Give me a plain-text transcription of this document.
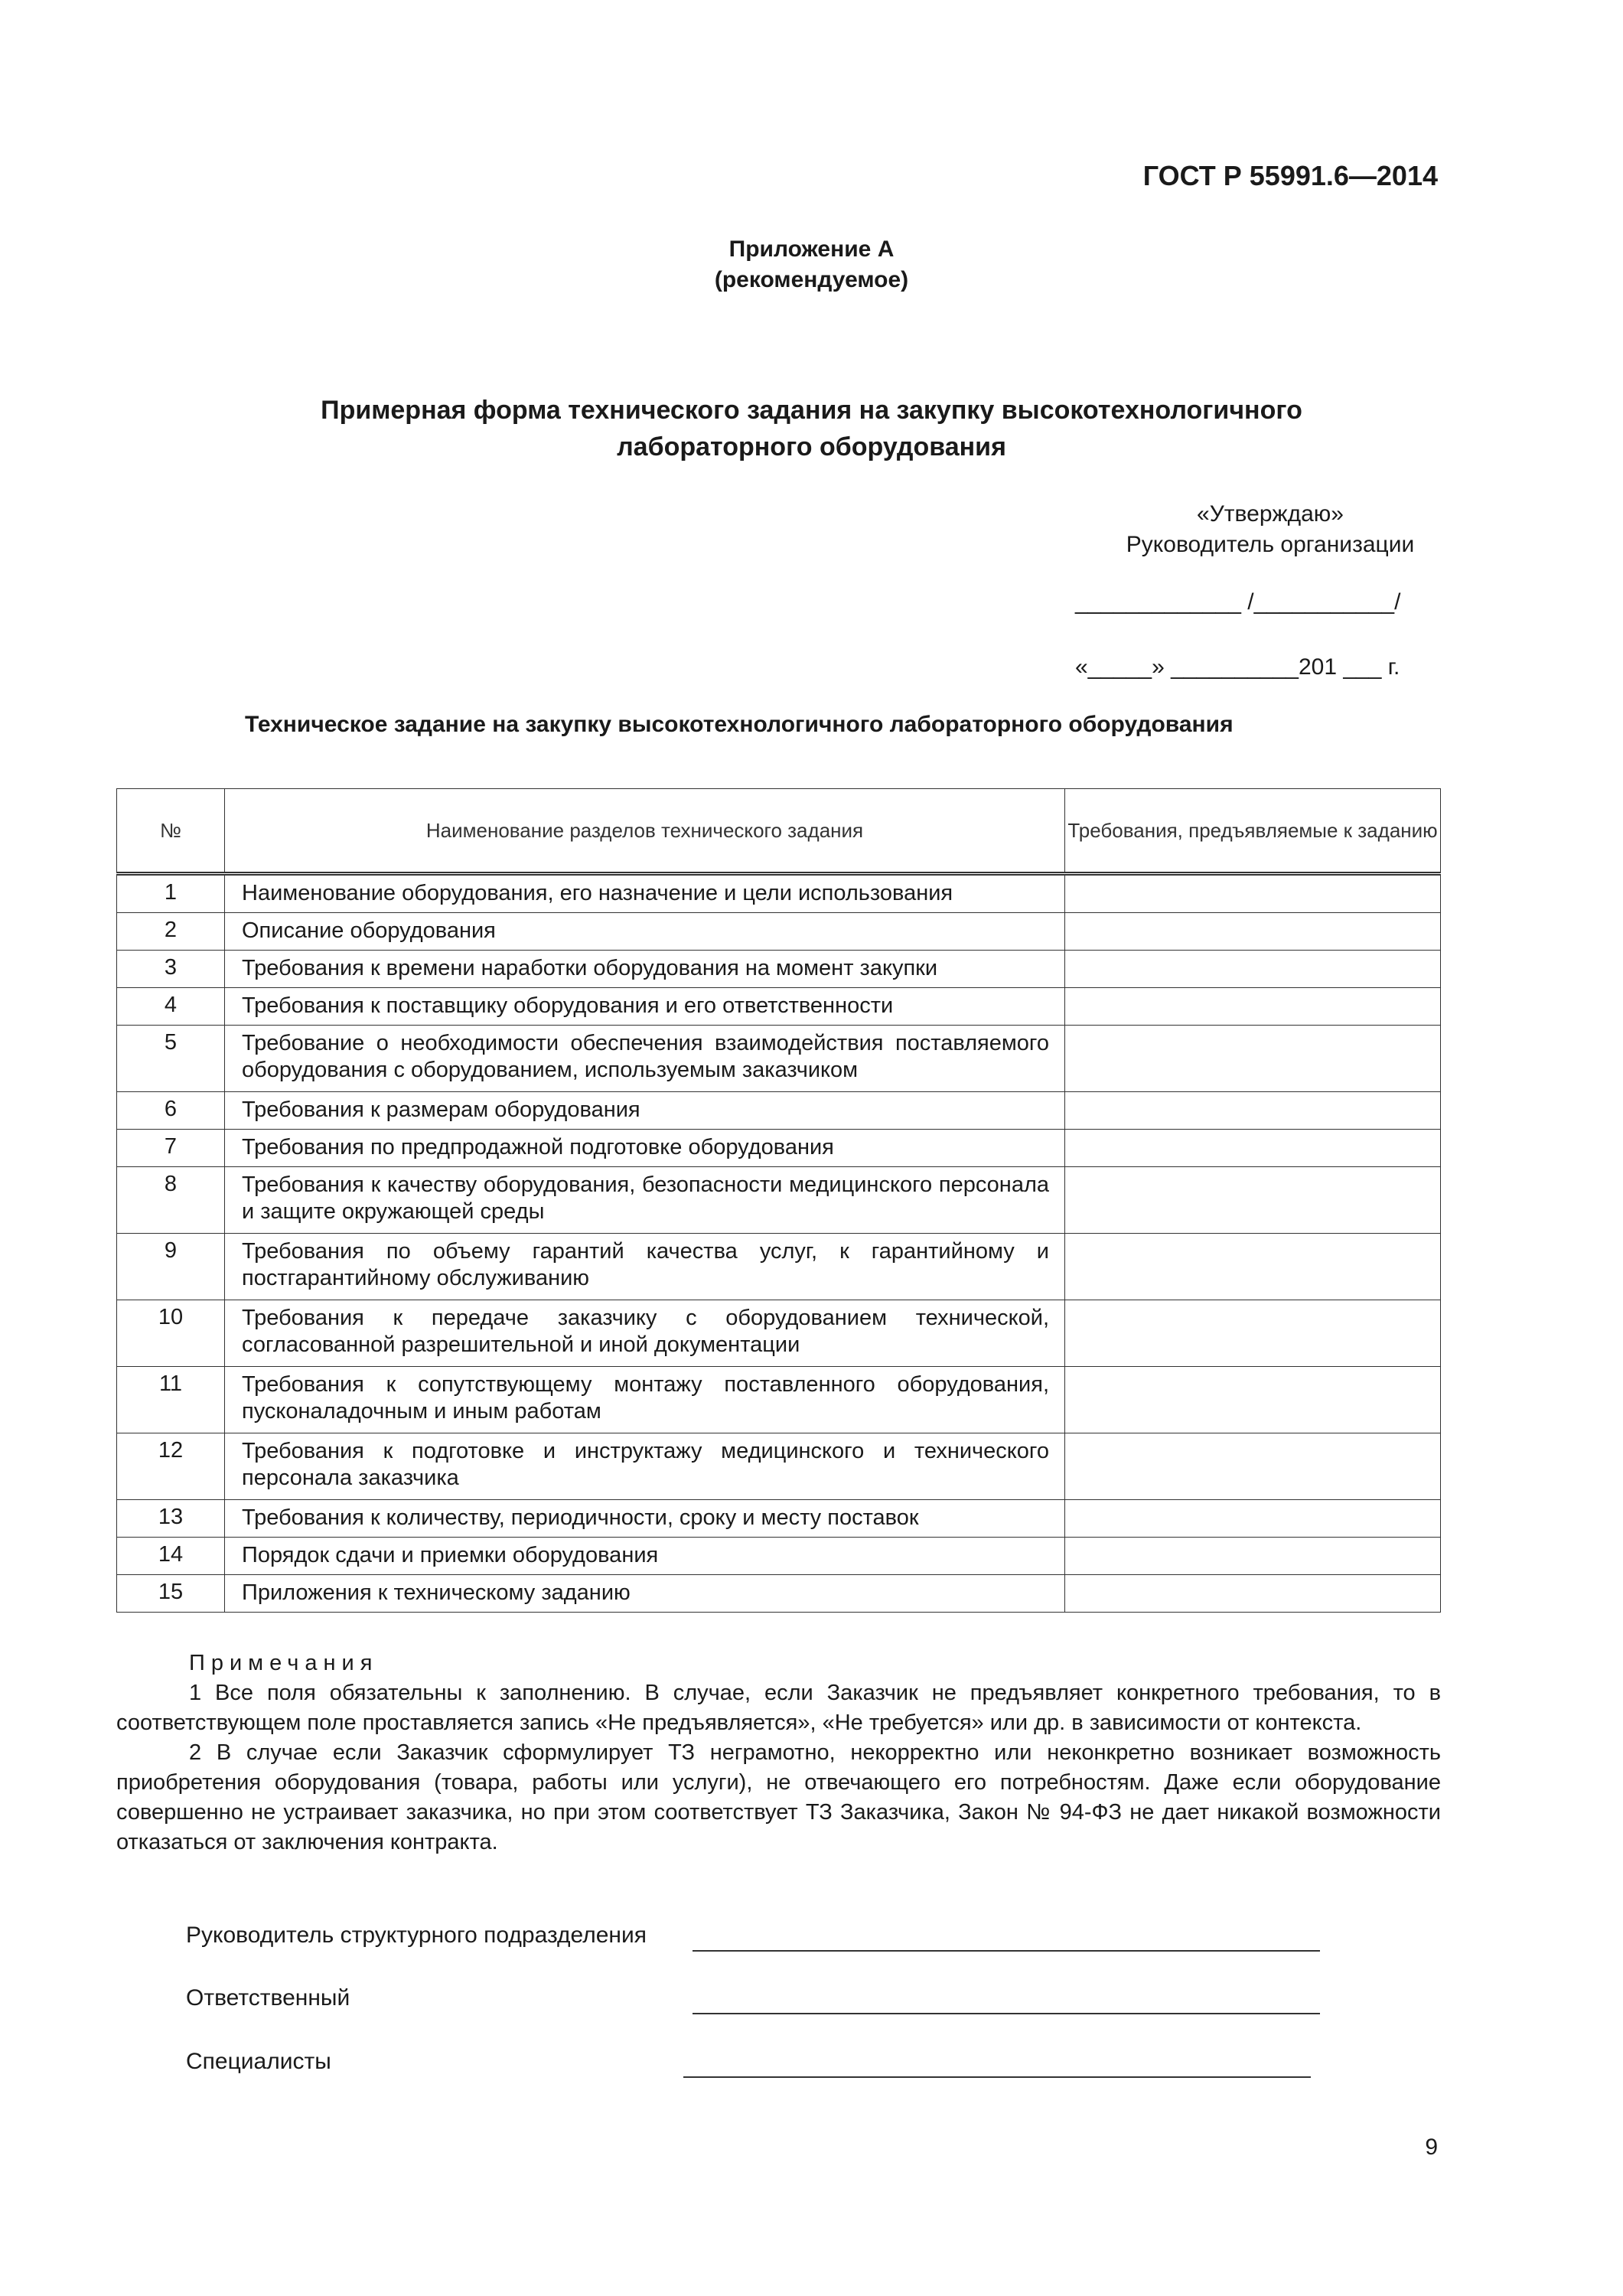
ГОСТ Р 55991.6—2014
Приложение А
(рекомендуемое)
Примерная форма технического задания на закупку высокотехнологичного
лабораторного оборудования
«Утверждаю»
Руководитель организации
_____________ /___________/
«_____» __________201 ___ г.
Техническое задание на закупку высокотехнологичного лабораторного оборудования
№	Наименование разделов технического задания	Требования, предъявляемые к заданию
1	Наименование оборудования, его назначение и цели использования	
2	Описание оборудования	
3	Требования к времени наработки оборудования на момент закупки	
4	Требования к поставщику оборудования и его ответственности	
5	Требование о необходимости обеспечения взаимодействия поставляемого оборудования с оборудованием, используемым заказчиком	
6	Требования к размерам оборудования	
7	Требования по предпродажной подготовке оборудования	
8	Требования к качеству оборудования, безопасности медицинского персонала и защите окружающей среды	
9	Требования по объему гарантий качества услуг, к гарантийному и постгарантийному обслуживанию	
10	Требования к передаче заказчику с оборудованием технической, согласованной разрешительной и иной документации	
11	Требования к сопутствующему монтажу поставленного оборудования, пусконаладочным и иным работам	
12	Требования к подготовке и инструктажу медицинского и технического персонала заказчика	
13	Требования к количеству, периодичности, сроку и месту поставок	
14	Порядок сдачи и приемки оборудования	
15	Приложения к техническому заданию	
Примечания

1 Все поля обязательны к заполнению. В случае, если Заказчик не предъявляет конкретного требования, то в соответствующем поле проставляется запись «Не предъявляется», «Не требуется» или др. в зависимости от контекста.

2 В случае если Заказчик сформулирует ТЗ неграмотно, некорректно или неконкретно возникает возможность приобретения оборудования (товара, работы или услуги), не отвечающего его потребностям. Даже если оборудование совершенно не устраивает заказчика, но при этом соответствует ТЗ Заказчика, Закон № 94-ФЗ не дает никакой возможности отказаться от заключения контракта.

Руководитель структурного подразделения
Ответственный
Специалисты
9
